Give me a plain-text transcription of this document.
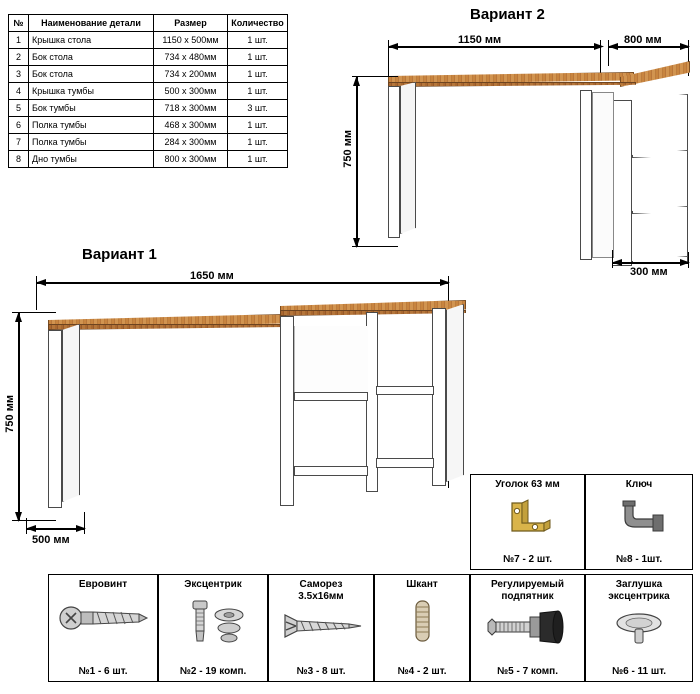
№	Наименование детали	Размер	Количество
1	Крышка стола	1150 x 500мм	1 шт.
2	Бок стола	734 х 480мм	1 шт.
3	Бок стола	734 х 200мм	1 шт.
4	Крышка тумбы	500 х 300мм	1 шт.
5	Бок тумбы	718 х 300мм	3 шт.
6	Полка тумбы	468 х 300мм	1 шт.
7	Полка тумбы	284 х 300мм	1 шт.
8	Дно тумбы	800 х 300мм	1 шт.
Вариант 2
1150 мм	800 мм
750 мм
300 мм
Вариант 1
1650 мм
750 мм
500 мм
Уголок 63 мм
№7 - 2 шт.
Ключ
№8 - 1шт.
Евровинт
№1 - 6 шт.
Эксцентрик
№2 - 19 комп.
Саморез
3.5х16мм
№3 - 8 шт.
Шкант
№4 - 2 шт.
Регулируемый
подпятник
№5 - 7 комп.
Заглушка
эксцентрика
№6 - 11 шт.
